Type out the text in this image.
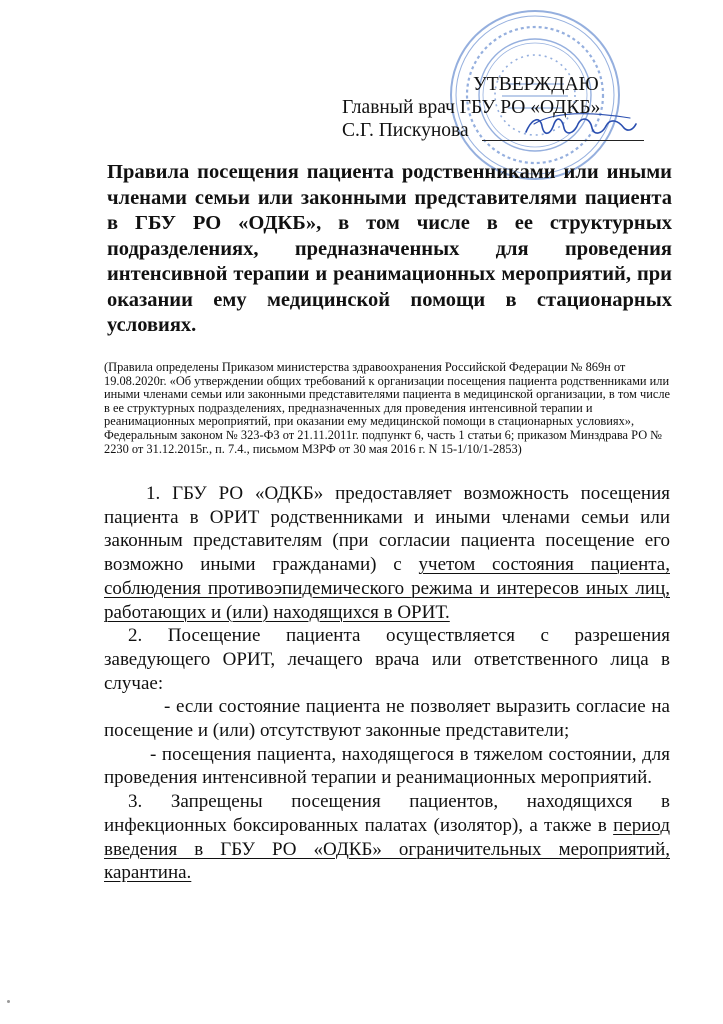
УТВЕРЖДАЮ
Главный врач ГБУ РО «ОДКБ»
С.Г. Пискунова
Правила посещения пациента родственниками или иными членами семьи или законными представителями пациента в ГБУ РО «ОДКБ», в том числе в ее структурных подразделениях, предназначенных для проведения интенсивной терапии и реанимационных мероприятий, при оказании ему медицинской помощи в стационарных условиях.
(Правила определены Приказом министерства здравоохранения Российской Федерации № 869н от 19.08.2020г. «Об утверждении общих требований к организации посещения пациента родственниками или иными членами семьи или законными представителями пациента в медицинской организации, в том числе в ее структурных подразделениях, предназначенных для проведения интенсивной терапии и реанимационных мероприятий, при оказании ему медицинской помощи в стационарных условиях», Федеральным законом № 323-ФЗ от 21.11.2011г. подпункт 6, часть 1 статьи 6; приказом Минздрава РО № 2230 от 31.12.2015г., п. 7.4., письмом МЗРФ от 30 мая 2016 г. N 15-1/10/1-2853)

1. ГБУ РО «ОДКБ» предоставляет возможность посещения пациента в ОРИТ родственниками и иными членами семьи или законным представителям (при согласии пациента посещение его возможно иными гражданами) с учетом состояния пациента, соблюдения противоэпидемического режима и интересов иных лиц, работающих и (или) находящихся в ОРИТ.

2. Посещение пациента осуществляется с разрешения заведующего ОРИТ, лечащего врача или ответственного лица в случае:

- если состояние пациента не позволяет выразить согласие на посещение и (или) отсутствуют законные представители;

- посещения пациента, находящегося в тяжелом состоянии, для проведения интенсивной терапии и реанимационных мероприятий.

3. Запрещены посещения пациентов, находящихся в инфекционных боксированных палатах (изолятор), а также в период введения в ГБУ РО «ОДКБ» ограничительных мероприятий, карантина.
